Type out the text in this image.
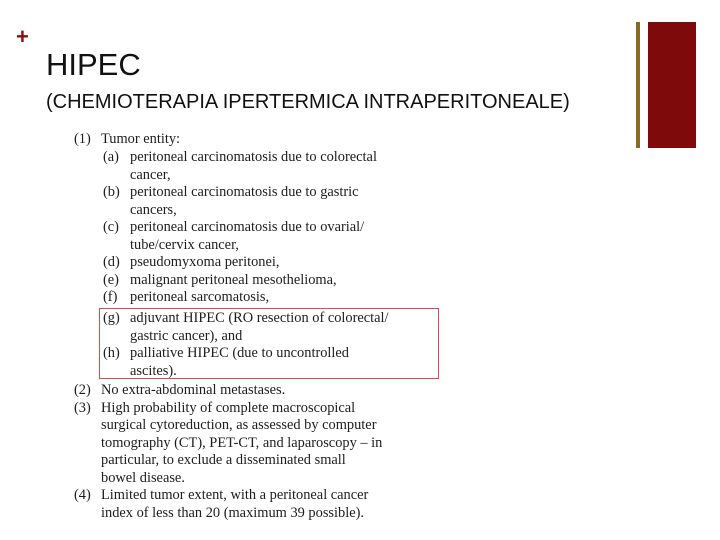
+
HIPEC
(CHEMIOTERAPIA IPERTERMICA INTRAPERITONEALE)
(1) Tumor entity:
(a) peritoneal carcinomatosis due to colorectal
cancer,
(b) peritoneal carcinomatosis due to gastric
cancers,
(c) peritoneal carcinomatosis due to ovarial/
tube/cervix cancer,
(d) pseudomyxoma peritonei,
(e) malignant peritoneal mesothelioma,
(f) peritoneal sarcomatosis,
(g) adjuvant HIPEC (RO resection of colorectal/
gastric cancer), and
(h) palliative HIPEC (due to uncontrolled
ascites).
(2) No extra-abdominal metastases.
(3) High probability of complete macroscopical
surgical cytoreduction, as assessed by computer
tomography (CT), PET-CT, and laparoscopy – in
particular, to exclude a disseminated small
bowel disease.
(4) Limited tumor extent, with a peritoneal cancer
index of less than 20 (maximum 39 possible).
